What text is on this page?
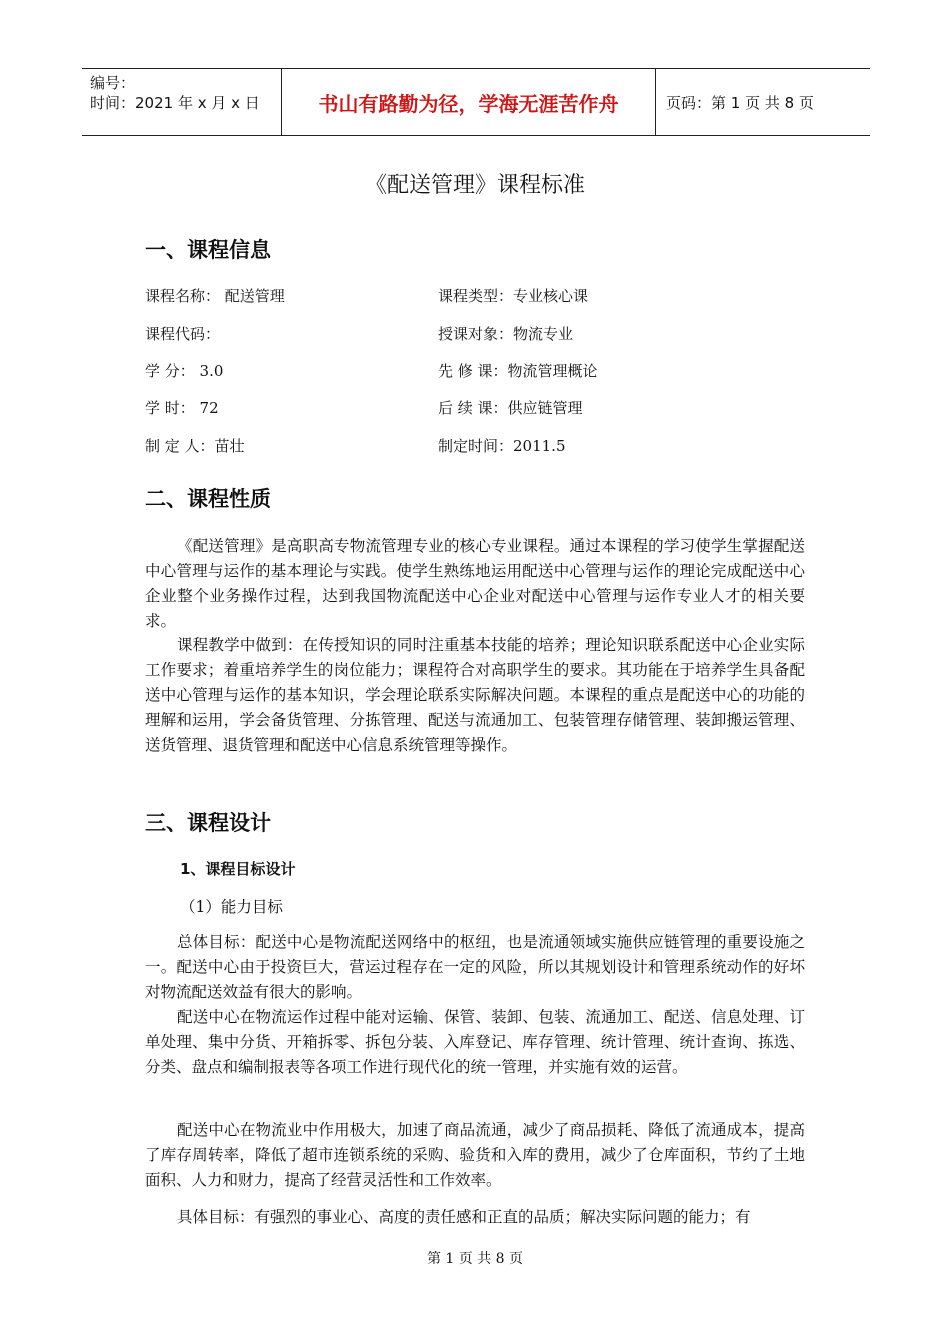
编号：
时间：2021 年 x 月 x 日	书山有路勤为径，学海无涯苦作舟	页码：第 1 页 共 8 页
《配送管理》课程标准
一、课程信息
课程名称： 配送管理	课程类型：专业核心课
课程代码：	授课对象：物流专业
学 分： 3.0	先 修 课：物流管理概论
学 时： 72	后 续 课：供应链管理
制 定 人：苗壮	制定时间：2011.5
二、课程性质
《配送管理》是高职高专物流管理专业的核心专业课程。通过本课程的学习使学生掌握配送中心管理与运作的基本理论与实践。使学生熟练地运用配送中心管理与运作的理论完成配送中心企业整个业务操作过程，达到我国物流配送中心企业对配送中心管理与运作专业人才的相关要求。
课程教学中做到：在传授知识的同时注重基本技能的培养；理论知识联系配送中心企业实际工作要求；着重培养学生的岗位能力；课程符合对高职学生的要求。其功能在于培养学生具备配送中心管理与运作的基本知识，学会理论联系实际解决问题。本课程的重点是配送中心的功能的理解和运用，学会备货管理、分拣管理、配送与流通加工、包装管理存储管理、装卸搬运管理、送货管理、退货管理和配送中心信息系统管理等操作。
三、课程设计
1、课程目标设计
（1）能力目标
总体目标：配送中心是物流配送网络中的枢纽，也是流通领域实施供应链管理的重要设施之一。配送中心由于投资巨大，营运过程存在一定的风险，所以其规划设计和管理系统动作的好坏对物流配送效益有很大的影响。
配送中心在物流运作过程中能对运输、保管、装卸、包装、流通加工、配送、信息处理、订单处理、集中分货、开箱拆零、拆包分装、入库登记、库存管理、统计管理、统计查询、拣选、分类、盘点和编制报表等各项工作进行现代化的统一管理，并实施有效的运营。
配送中心在物流业中作用极大，加速了商品流通，减少了商品损耗、降低了流通成本，提高了库存周转率，降低了超市连锁系统的采购、验货和入库的费用，减少了仓库面积，节约了土地面积、人力和财力，提高了经营灵活性和工作效率。
具体目标：有强烈的事业心、高度的责任感和正直的品质；解决实际问题的能力；有
第 1 页 共 8 页
